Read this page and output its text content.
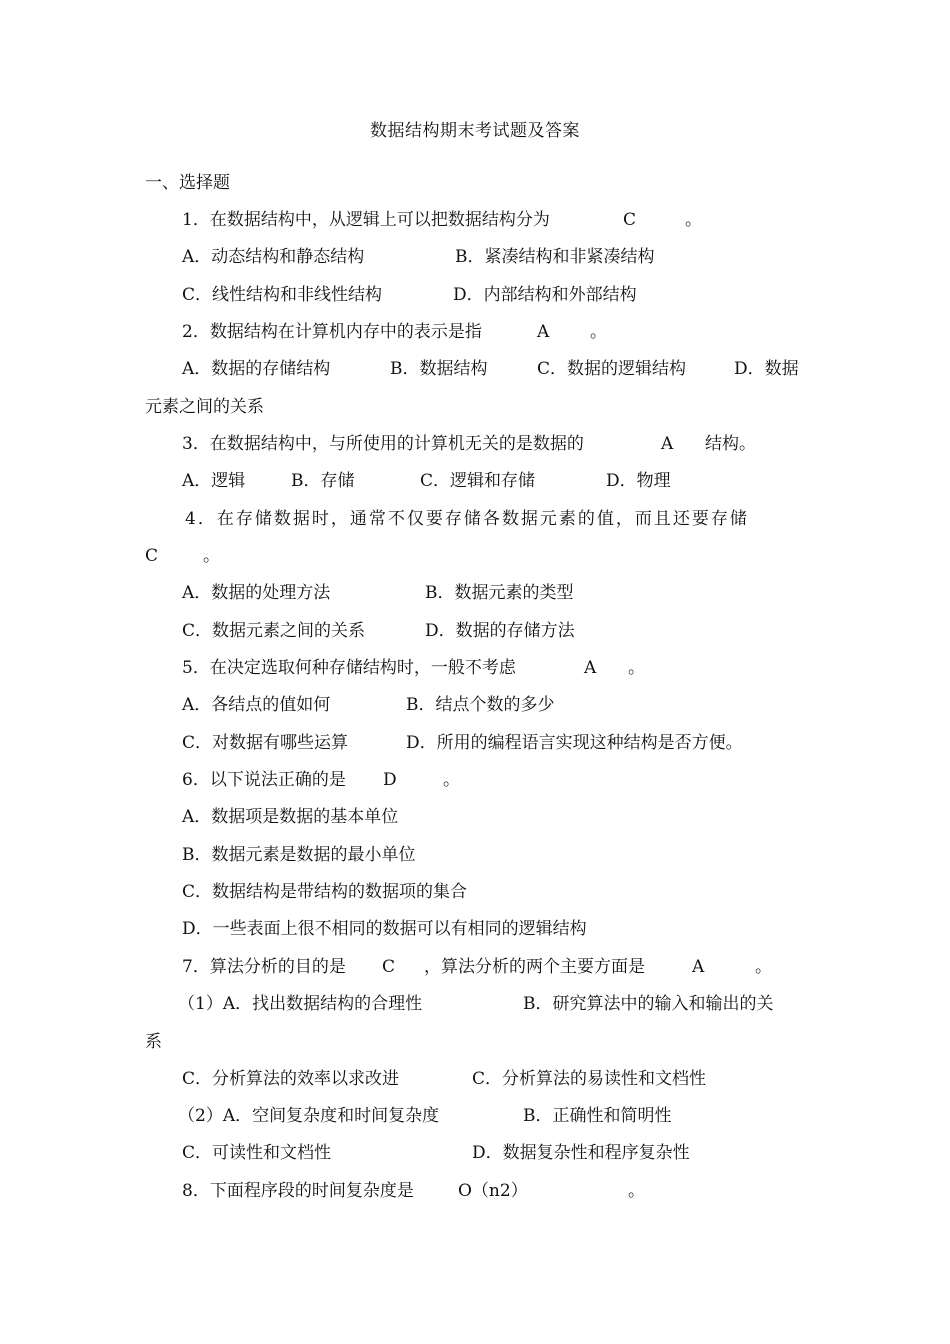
数据结构期末考试题及答案
一、选择题
1．在数据结构中，从逻辑上可以把数据结构分为	C	。
A．动态结构和静态结构	B．紧凑结构和非紧凑结构
C．线性结构和非线性结构	D．内部结构和外部结构
2．数据结构在计算机内存中的表示是指	A 。
A．数据的存储结构	B．数据结构	C．数据的逻辑结构	D．数据
元素之间的关系
3．在数据结构中，与所使用的计算机无关的是数据的	A 结构。
A．逻辑	B．存储	C．逻辑和存储	D．物理
4．在存储数据时，通常不仅要存储各数据元素的值，而且还要存储
C	。
A．数据的处理方法	B．数据元素的类型
C．数据元素之间的关系	D．数据的存储方法
5．在决定选取何种存储结构时，一般不考虑	A 。
A．各结点的值如何	B．结点个数的多少
C．对数据有哪些运算	D．所用的编程语言实现这种结构是否方便。
6．以下说法正确的是 D	。
A．数据项是数据的基本单位
B．数据元素是数据的最小单位
C．数据结构是带结构的数据项的集合
D．一些表面上很不相同的数据可以有相同的逻辑结构
7．算法分析的目的是 C ，算法分析的两个主要方面是	A	。
（1）A．找出数据结构的合理性	B．研究算法中的输入和输出的关
系
C．分析算法的效率以求改进	C．分析算法的易读性和文档性
（2）A．空间复杂度和时间复杂度	B．正确性和简明性
C．可读性和文档性	D．数据复杂性和程序复杂性
8．下面程序段的时间复杂度是	O（n2）	。
